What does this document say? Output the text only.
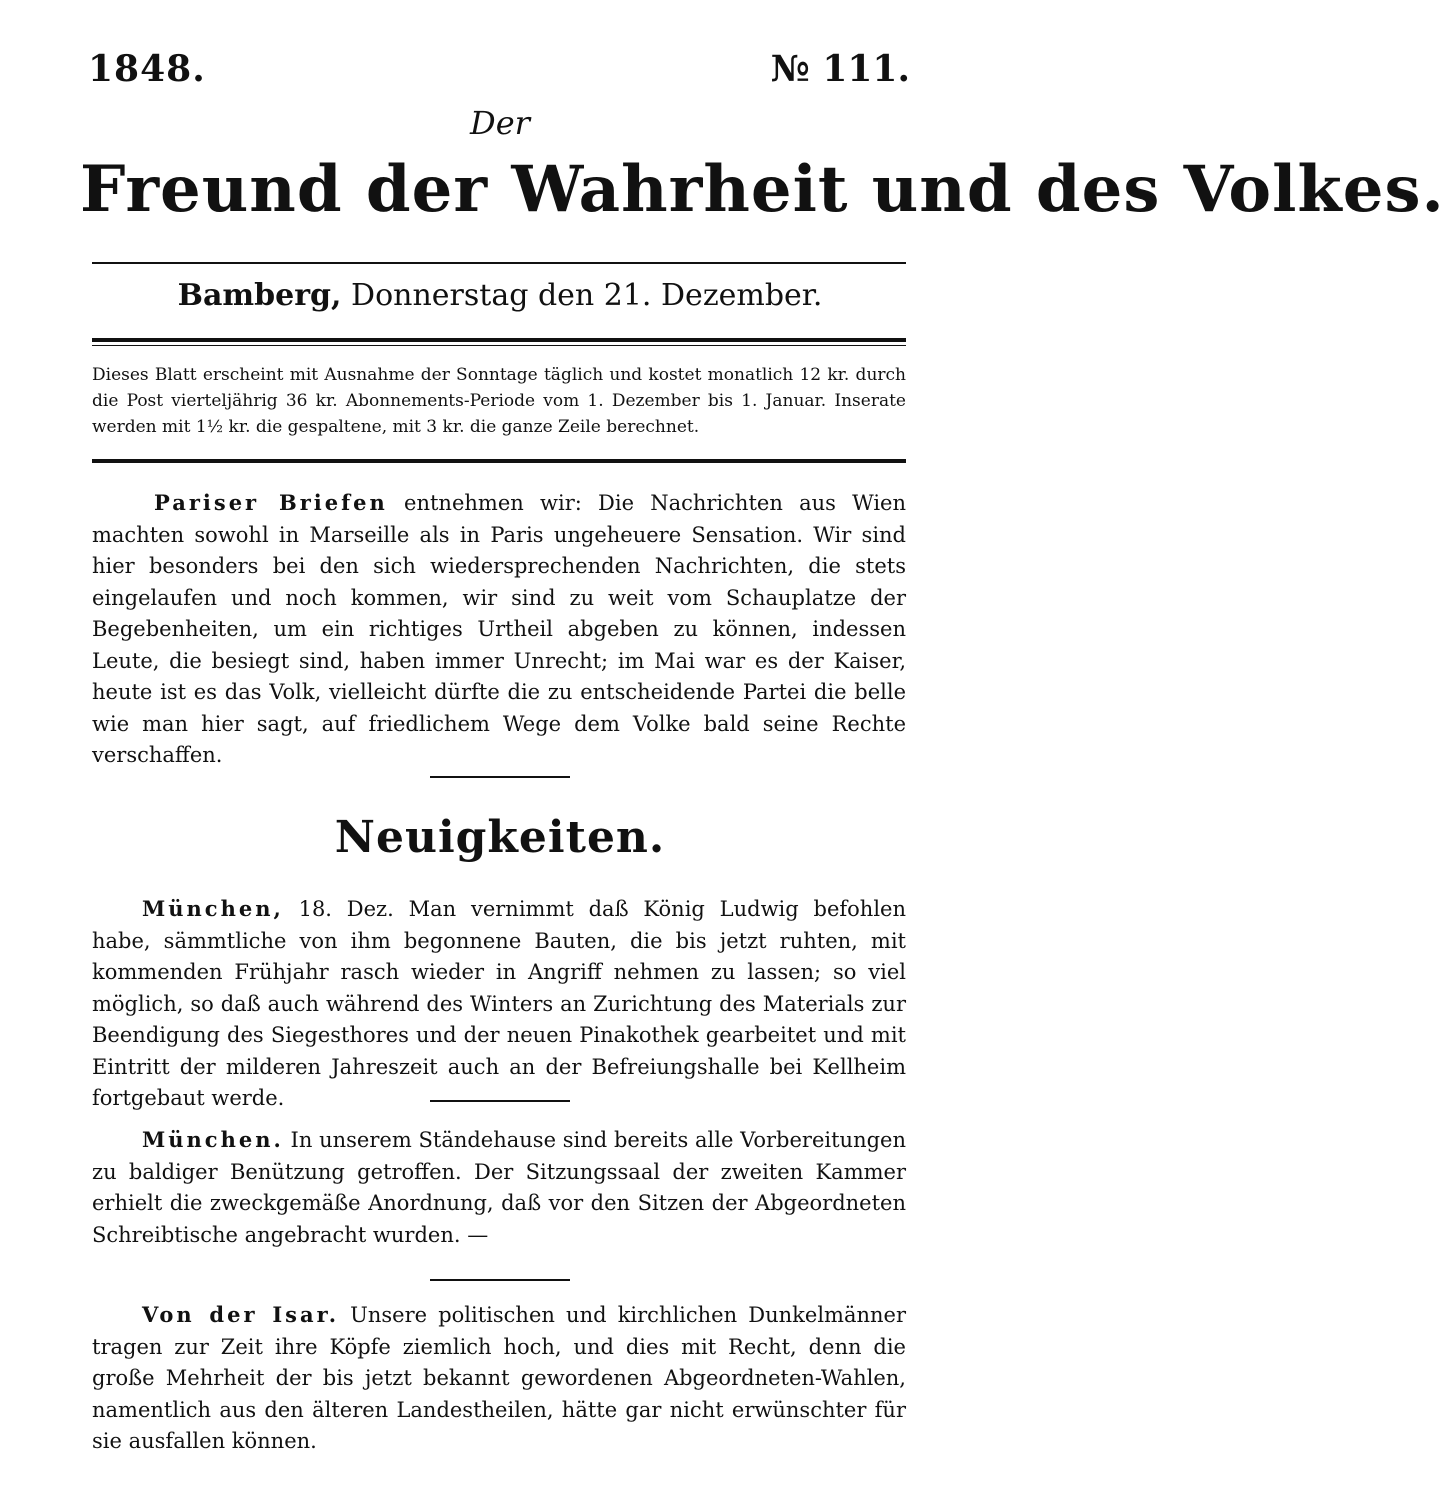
1848.	№ 111.
Der
Freund der Wahrheit und des Volkes.
Bamberg, Donnerstag den 21. Dezember.

Dieses Blatt erscheint mit Ausnahme der Sonntage täglich und kostet monatlich 12 kr. durch die Post vierteljährig 36 kr. Abonnements-Periode vom 1. Dezember bis 1. Januar. Inserate werden mit 1½ kr. die gespaltene, mit 3 kr. die ganze Zeile berechnet.

Pariser Briefen entnehmen wir: Die Nachrichten aus Wien machten sowohl in Marseille als in Paris ungeheuere Sensation. Wir sind hier besonders bei den sich wiedersprechenden Nachrichten, die stets eingelaufen und noch kommen, wir sind zu weit vom Schauplatze der Begebenheiten, um ein richtiges Urtheil abgeben zu können, indessen Leute, die besiegt sind, haben immer Unrecht; im Mai war es der Kaiser, heute ist es das Volk, vielleicht dürfte die zu entscheidende Partei die belle wie man hier sagt, auf friedlichem Wege dem Volke bald seine Rechte verschaffen.

Neuigkeiten.

München, 18. Dez. Man vernimmt daß König Ludwig befohlen habe, sämmtliche von ihm begonnene Bauten, die bis jetzt ruhten, mit kommenden Frühjahr rasch wieder in Angriff nehmen zu lassen; so viel möglich, so daß auch während des Winters an Zurichtung des Materials zur Beendigung des Siegesthores und der neuen Pinakothek gearbeitet und mit Eintritt der milderen Jahreszeit auch an der Befreiungshalle bei Kellheim fortgebaut werde.

München. In unserem Ständehause sind bereits alle Vorbereitungen zu baldiger Benützung getroffen. Der Sitzungssaal der zweiten Kammer erhielt die zweckgemäße Anordnung, daß vor den Sitzen der Abgeordneten Schreibtische angebracht wurden. —

Von der Isar. Unsere politischen und kirchlichen Dunkelmänner tragen zur Zeit ihre Köpfe ziemlich hoch, und dies mit Recht, denn die große Mehrheit der bis jetzt bekannt gewordenen Abgeordneten-Wahlen, namentlich aus den älteren Landestheilen, hätte gar nicht erwünschter für sie ausfallen können.
